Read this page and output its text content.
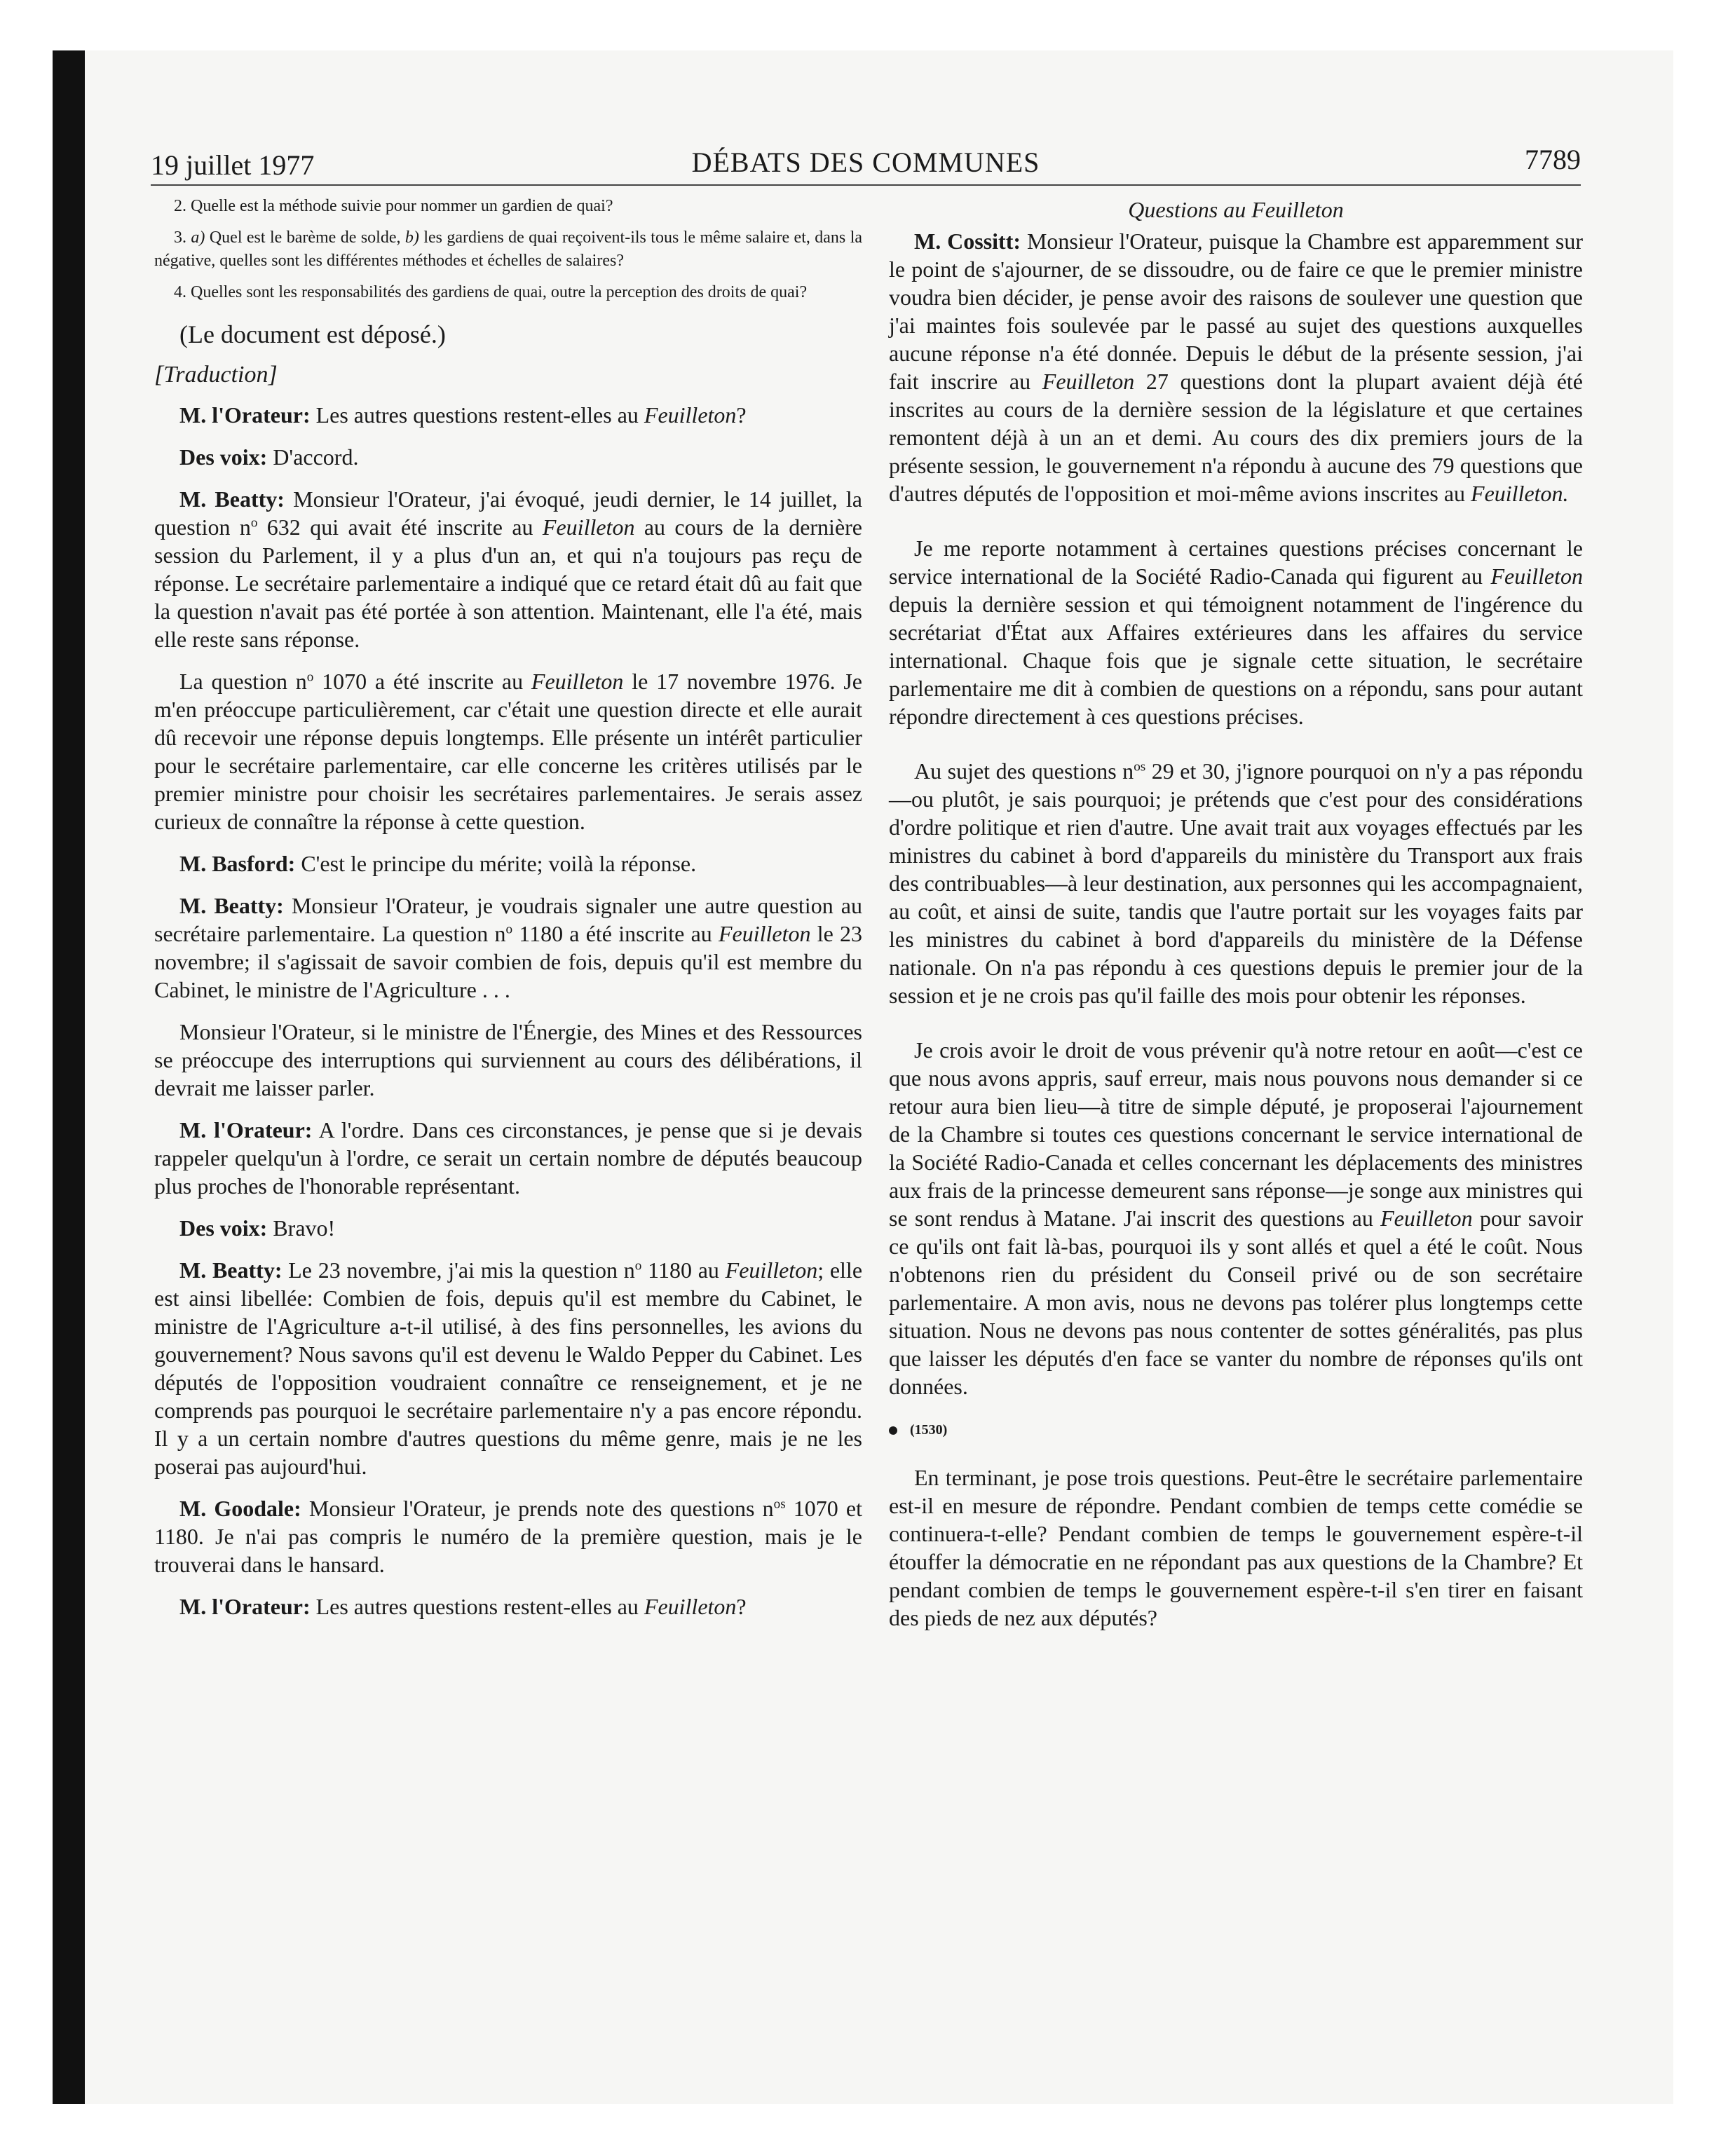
19 juillet 1977	DÉBATS DES COMMUNES	7789

2. Quelle est la méthode suivie pour nommer un gardien de quai?

3. a) Quel est le barème de solde, b) les gardiens de quai reçoivent-ils tous le même salaire et, dans la négative, quelles sont les différentes méthodes et échelles de salaires?

4. Quelles sont les responsabilités des gardiens de quai, outre la perception des droits de quai?

(Le document est déposé.)

[Traduction]

M. l'Orateur: Les autres questions restent-elles au Feuilleton?

Des voix: D'accord.

M. Beatty: Monsieur l'Orateur, j'ai évoqué, jeudi dernier, le 14 juillet, la question $n^o$ 632 qui avait été inscrite au Feuilleton au cours de la dernière session du Parlement, il y a plus d'un an, et qui n'a toujours pas reçu de réponse. Le secrétaire parlementaire a indiqué que ce retard était dû au fait que la question n'avait pas été portée à son attention. Maintenant, elle l'a été, mais elle reste sans réponse.

La question $n^o$ 1070 a été inscrite au Feuilleton le 17 novembre 1976. Je m'en préoccupe particulièrement, car c'était une question directe et elle aurait dû recevoir une réponse depuis longtemps. Elle présente un intérêt particulier pour le secrétaire parlementaire, car elle concerne les critères utilisés par le premier ministre pour choisir les secrétaires parlementaires. Je serais assez curieux de connaître la réponse à cette question.

M. Basford: C'est le principe du mérite; voilà la réponse.

M. Beatty: Monsieur l'Orateur, je voudrais signaler une autre question au secrétaire parlementaire. La question $n^o$ 1180 a été inscrite au Feuilleton le 23 novembre; il s'agissait de savoir combien de fois, depuis qu'il est membre du Cabinet, le ministre de l'Agriculture . . .

Monsieur l'Orateur, si le ministre de l'Énergie, des Mines et des Ressources se préoccupe des interruptions qui surviennent au cours des délibérations, il devrait me laisser parler.

M. l'Orateur: A l'ordre. Dans ces circonstances, je pense que si je devais rappeler quelqu'un à l'ordre, ce serait un certain nombre de députés beaucoup plus proches de l'honorable représentant.

Des voix: Bravo!

M. Beatty: Le 23 novembre, j'ai mis la question $n^o$ 1180 au Feuilleton; elle est ainsi libellée: Combien de fois, depuis qu'il est membre du Cabinet, le ministre de l'Agriculture a-t-il utilisé, à des fins personnelles, les avions du gouvernement? Nous savons qu'il est devenu le Waldo Pepper du Cabinet. Les députés de l'opposition voudraient connaître ce renseignement, et je ne comprends pas pourquoi le secrétaire parlementaire n'y a pas encore répondu. Il y a un certain nombre d'autres questions du même genre, mais je ne les poserai pas aujourd'hui.

M. Goodale: Monsieur l'Orateur, je prends note des questions $n^{os}$ 1070 et 1180. Je n'ai pas compris le numéro de la première question, mais je le trouverai dans le hansard.

M. l'Orateur: Les autres questions restent-elles au Feuilleton?

Questions au Feuilleton

M. Cossitt: Monsieur l'Orateur, puisque la Chambre est apparemment sur le point de s'ajourner, de se dissoudre, ou de faire ce que le premier ministre voudra bien décider, je pense avoir des raisons de soulever une question que j'ai maintes fois soulevée par le passé au sujet des questions auxquelles aucune réponse n'a été donnée. Depuis le début de la présente session, j'ai fait inscrire au Feuilleton 27 questions dont la plupart avaient déjà été inscrites au cours de la dernière session de la législature et que certaines remontent déjà à un an et demi. Au cours des dix premiers jours de la présente session, le gouvernement n'a répondu à aucune des 79 questions que d'autres députés de l'opposition et moi-même avions inscrites au Feuilleton.

Je me reporte notamment à certaines questions précises concernant le service international de la Société Radio-Canada qui figurent au Feuilleton depuis la dernière session et qui témoignent notamment de l'ingérence du secrétariat d'État aux Affaires extérieures dans les affaires du service international. Chaque fois que je signale cette situation, le secrétaire parlementaire me dit à combien de questions on a répondu, sans pour autant répondre directement à ces questions précises.

Au sujet des questions $n^{os}$ 29 et 30, j'ignore pourquoi on n'y a pas répondu—ou plutôt, je sais pourquoi; je prétends que c'est pour des considérations d'ordre politique et rien d'autre. Une avait trait aux voyages effectués par les ministres du cabinet à bord d'appareils du ministère du Transport aux frais des contribuables—à leur destination, aux personnes qui les accompagnaient, au coût, et ainsi de suite, tandis que l'autre portait sur les voyages faits par les ministres du cabinet à bord d'appareils du ministère de la Défense nationale. On n'a pas répondu à ces questions depuis le premier jour de la session et je ne crois pas qu'il faille des mois pour obtenir les réponses.

Je crois avoir le droit de vous prévenir qu'à notre retour en août—c'est ce que nous avons appris, sauf erreur, mais nous pouvons nous demander si ce retour aura bien lieu—à titre de simple député, je proposerai l'ajournement de la Chambre si toutes ces questions concernant le service international de la Société Radio-Canada et celles concernant les déplacements des ministres aux frais de la princesse demeurent sans réponse—je songe aux ministres qui se sont rendus à Matane. J'ai inscrit des questions au Feuilleton pour savoir ce qu'ils ont fait là-bas, pourquoi ils y sont allés et quel a été le coût. Nous n'obtenons rien du président du Conseil privé ou de son secrétaire parlementaire. A mon avis, nous ne devons pas tolérer plus longtemps cette situation. Nous ne devons pas nous contenter de sottes généralités, pas plus que laisser les députés d'en face se vanter du nombre de réponses qu'ils ont données.

(1530)

En terminant, je pose trois questions. Peut-être le secrétaire parlementaire est-il en mesure de répondre. Pendant combien de temps cette comédie se continuera-t-elle? Pendant combien de temps le gouvernement espère-t-il étouffer la démocratie en ne répondant pas aux questions de la Chambre? Et pendant combien de temps le gouvernement espère-t-il s'en tirer en faisant des pieds de nez aux députés?
